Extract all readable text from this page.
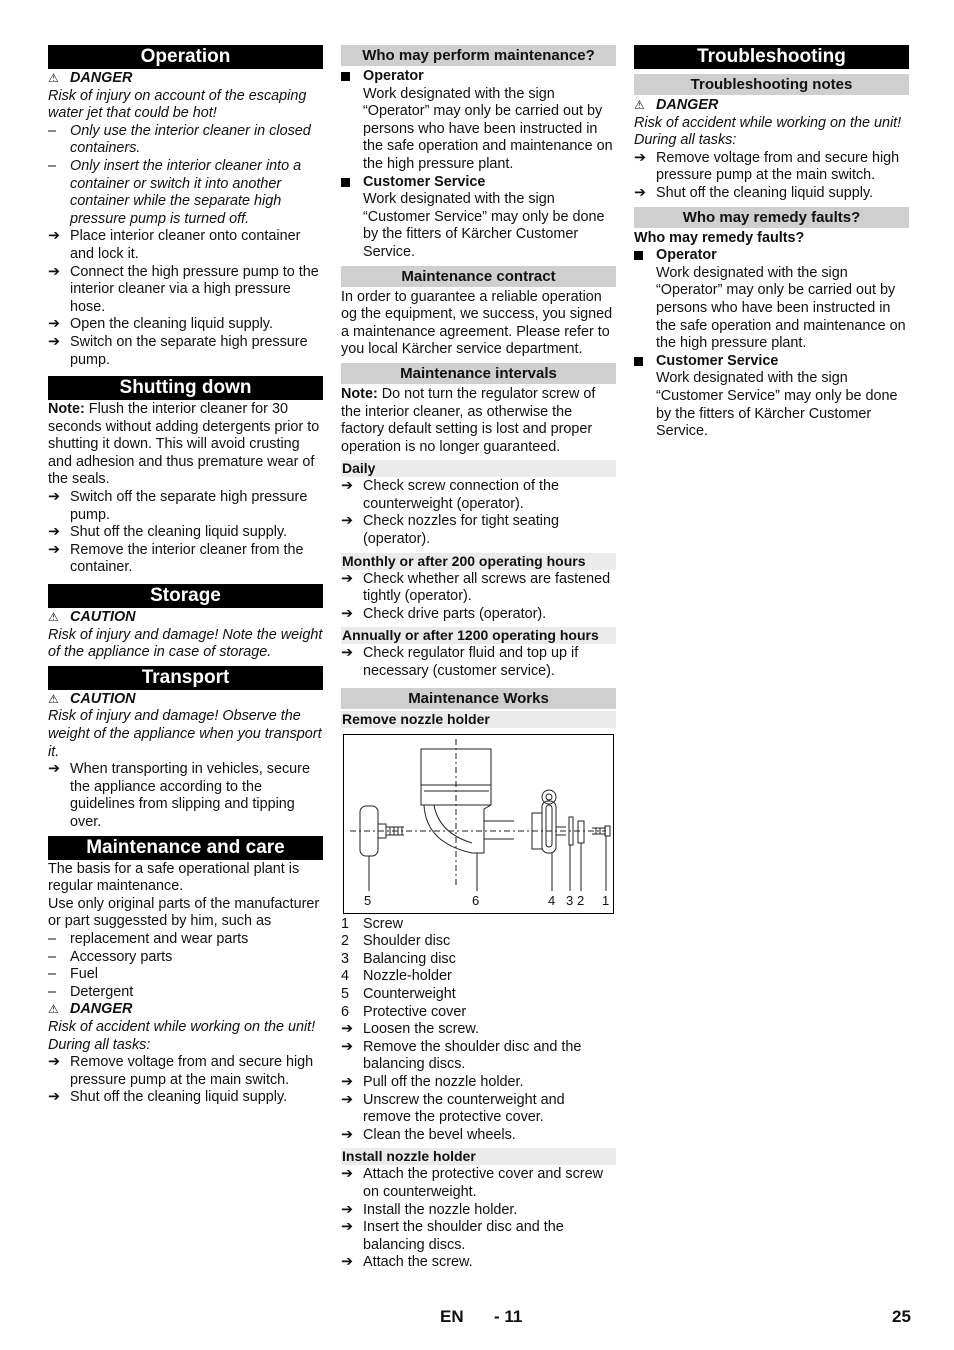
Operation
⚠ DANGER

Risk of injury on account of the escaping water jet that could be hot!

– Only use the interior cleaner in closed containers.
– Only insert the interior cleaner into a container or switch it into another container while the separate high pressure pump is turned off.
➔ Place interior cleaner onto container and lock it.
➔ Connect the high pressure pump to the interior cleaner via a high pressure hose.
➔ Open the cleaning liquid supply.
➔ Switch on the separate high pressure pump.
Shutting down

Note: Flush the interior cleaner for 30 seconds without adding detergents prior to shutting it down. This will avoid crusting and adhesion and thus premature wear of the seals.

➔ Switch off the separate high pressure pump.
➔ Shut off the cleaning liquid supply.
➔ Remove the interior cleaner from the container.
Storage
⚠ CAUTION

Risk of injury and damage! Note the weight of the appliance in case of storage.

Transport
⚠ CAUTION

Risk of injury and damage! Observe the weight of the appliance when you transport it.

➔ When transporting in vehicles, secure the appliance according to the guidelines from slipping and tipping over.
Maintenance and care

The basis for a safe operational plant is regular maintenance.

Use only original parts of the manufacturer or part suggessted by him, such as

– replacement and wear parts
– Accessory parts
– Fuel
– Detergent
⚠ DANGER

Risk of accident while working on the unit! During all tasks:

➔ Remove voltage from and secure high pressure pump at the main switch.
➔ Shut off the cleaning liquid supply.
Who may perform maintenance?
Operator
Work designated with the sign “Operator” may only be carried out by persons who have been instructed in the safe operation and maintenance on the high pressure plant.
Customer Service
Work designated with the sign “Customer Service” may only be done by the fitters of Kärcher Customer Service.
Maintenance contract

In order to guarantee a reliable operation og the equipment, we success, you signed a maintenance agreement. Please refer to you local Kärcher service department.

Maintenance intervals

Note: Do not turn the regulator screw of the interior cleaner, as otherwise the factory default setting is lost and proper operation is no longer guaranteed.

Daily
➔ Check screw connection of the counterweight (operator).
➔ Check nozzles for tight seating (operator).
Monthly or after 200 operating hours
➔ Check whether all screws are fastened tightly (operator).
➔ Check drive parts (operator).
Annually or after 1200 operating hours
➔ Check regulator fluid and top up if necessary (customer service).
Maintenance Works
Remove nozzle holder
5	6	4 3 2 1
1 Screw
2 Shoulder disc
3 Balancing disc
4 Nozzle-holder
5 Counterweight
6 Protective cover
➔ Loosen the screw.
➔ Remove the shoulder disc and the balancing discs.
➔ Pull off the nozzle holder.
➔ Unscrew the counterweight and remove the protective cover.
➔ Clean the bevel wheels.
Install nozzle holder
➔ Attach the protective cover and screw on counterweight.
➔ Install the nozzle holder.
➔ Insert the shoulder disc and the balancing discs.
➔ Attach the screw.
Troubleshooting
Troubleshooting notes
⚠ DANGER

Risk of accident while working on the unit! During all tasks:

➔ Remove voltage from and secure high pressure pump at the main switch.
➔ Shut off the cleaning liquid supply.
Who may remedy faults?

Who may remedy faults?

Operator
Work designated with the sign “Operator” may only be carried out by persons who have been instructed in the safe operation and maintenance on the high pressure plant.
Customer Service
Work designated with the sign “Customer Service” may only be done by the fitters of Kärcher Customer Service.
EN - 11	25
